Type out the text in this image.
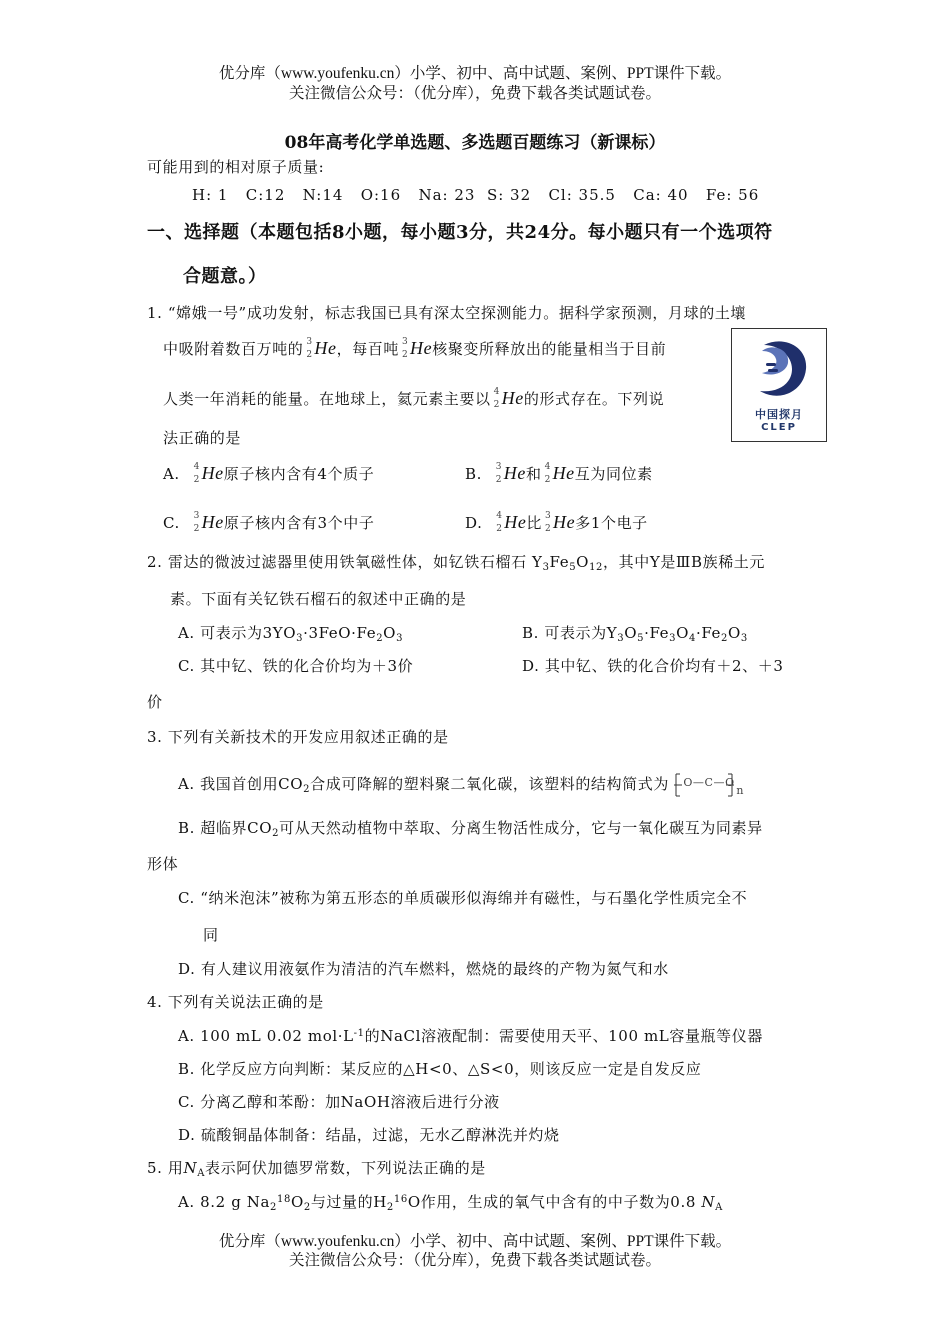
优分库（www.youfenku.cn）小学、初中、高中试题、案例、PPT课件下载。
关注微信公众号：（优分库），免费下载各类试题试卷。
08年高考化学单选题、多选题百题练习（新课标）
可能用到的相对原子质量:
H: 1   C:12   N:14   O:16   Na: 23  S: 32   Cl: 35.5   Ca: 40   Fe: 56
一、选择题（本题包括8小题，每小题3分，共24分。每小题只有一个选项符
合题意。）
1. “嫦娥一号”成功发射，标志我国已具有深太空探测能力。据科学家预测，月球的土壤
中吸附着数百万吨的 3
2 He，每百吨 3
2 He核聚变所释放出的能量相当于目前
人类一年消耗的能量。在地球上，氦元素主要以 4
2 He的形式存在。下列说
法正确的是
中国探月
CLEP
A. 4
2 He原子核内含有4个质子	B. 3
2 He和 4
2 He互为同位素
C. 3
2 He原子核内含有3个中子	D. 4
2 He比 3
2 He多1个电子
2. 雷达的微波过滤器里使用铁氧磁性体，如钇铁石榴石 $Y_3Fe_5O_{12}$，其中Y是ⅢB族稀土元
素。下面有关钇铁石榴石的叙述中正确的是
A. 可表示为$3YO_3\cdot 3FeO\cdot Fe_2O_3$	B. 可表示为$Y_3O_5\cdot Fe_3O_4\cdot Fe_2O_3$
C. 其中钇、铁的化合价均为＋3价	D. 其中钇、铁的化合价均有＋2、＋3
价
3. 下列有关新技术的开发应用叙述正确的是
A. 我国首创用$CO_2$合成可降解的塑料聚二氧化碳，该塑料的结构简式为 O—C—O
n
B. 超临界$CO_2$可从天然动植物中萃取、分离生物活性成分，它与一氧化碳互为同素异
形体
C. “纳米泡沫”被称为第五形态的单质碳形似海绵并有磁性，与石墨化学性质完全不
同
D. 有人建议用液氨作为清洁的汽车燃料，燃烧的最终的产物为氮气和水
4. 下列有关说法正确的是
A. 100 mL 0.02 $mol\cdot L^{-1}$的NaCl溶液配制：需要使用天平、100 mL容量瓶等仪器
B. 化学反应方向判断：某反应的△H<0、△S<0，则该反应一定是自发反应
C. 分离乙醇和苯酚：加NaOH溶液后进行分液
D. 硫酸铜晶体制备：结晶，过滤，无水乙醇淋洗并灼烧
5. 用$N_A$表示阿伏加德罗常数，下列说法正确的是
A. 8.2 g $Na_2^{18}O_2$与过量的$H_2^{16}O$作用，生成的氧气中含有的中子数为0.8 $N_A$
优分库（www.youfenku.cn）小学、初中、高中试题、案例、PPT课件下载。
关注微信公众号：（优分库），免费下载各类试题试卷。
